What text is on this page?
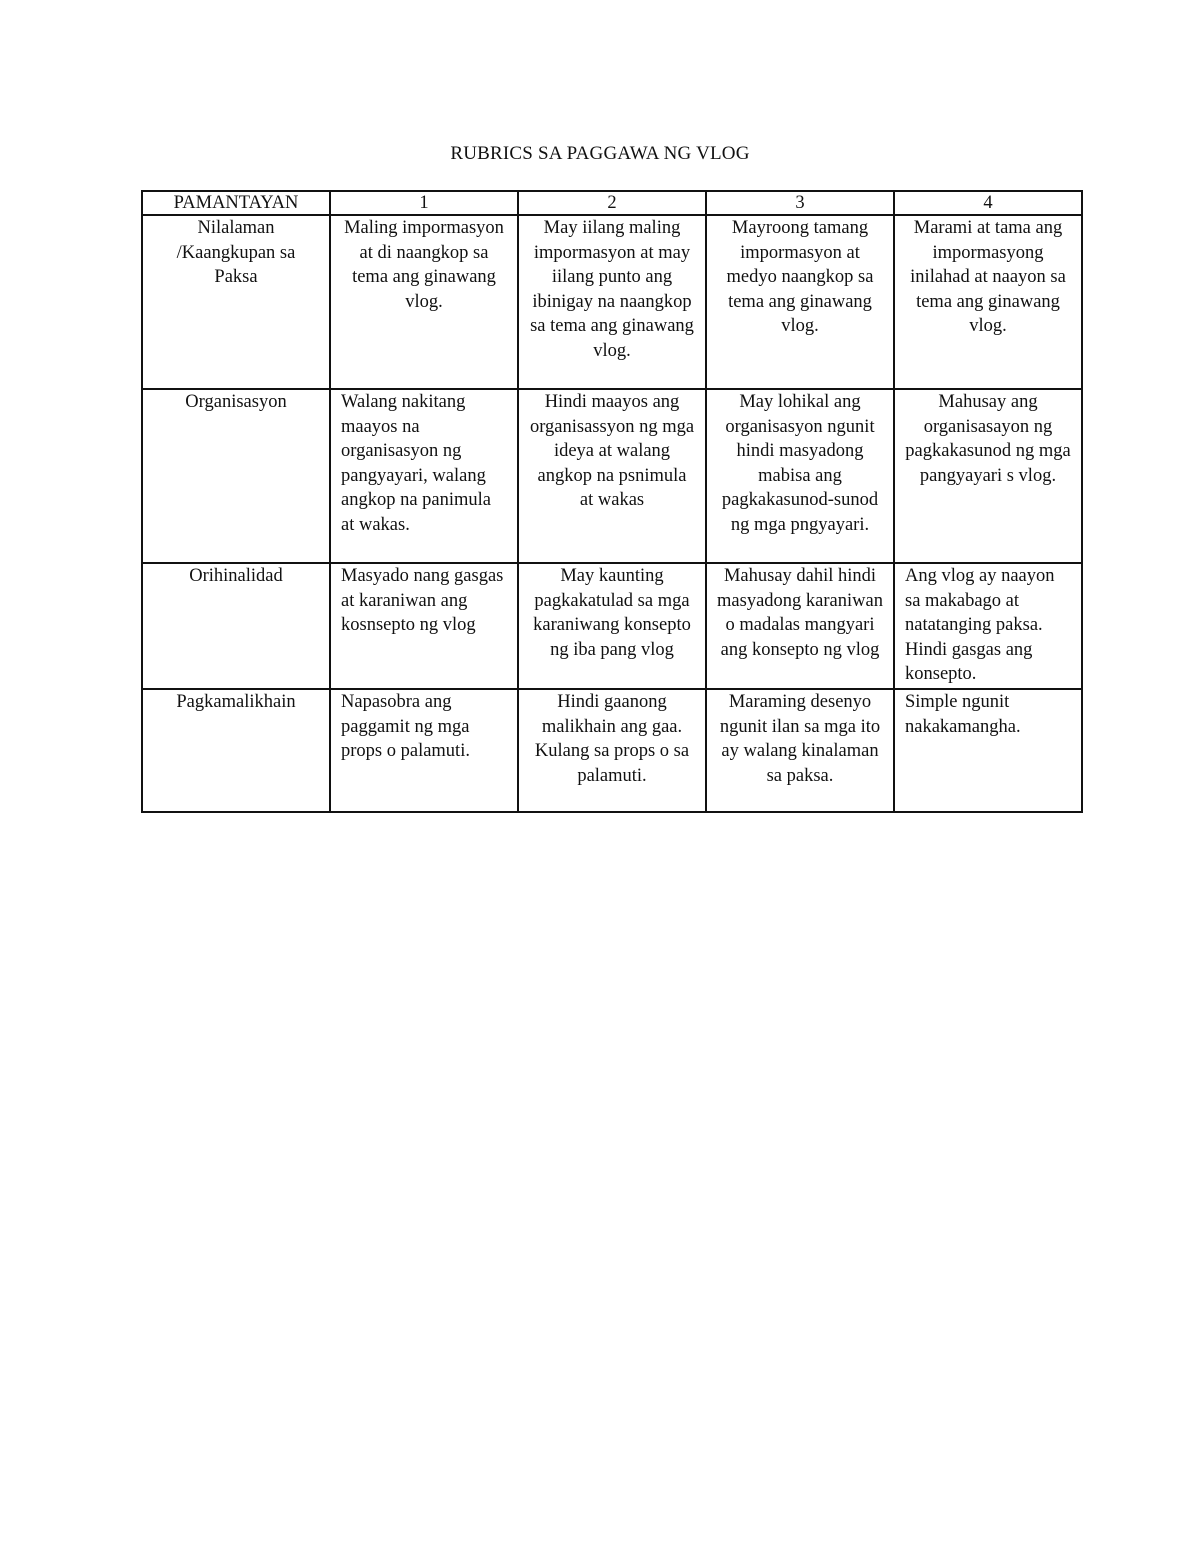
RUBRICS SA PAGGAWA NG VLOG
PAMANTAYAN	1	2	3	4
Nilalaman /Kaangkupan sa Paksa	Maling impormasyon at di naangkop sa tema ang ginawang vlog.	May iilang maling impormasyon at may iilang punto ang ibinigay na naangkop sa tema ang ginawang vlog.	Mayroong tamang impormasyon at medyo naangkop sa tema ang ginawang vlog.	Marami at tama ang impormasyong inilahad at naayon sa tema ang ginawang vlog.
Organisasyon	Walang nakitang maayos na organisasyon ng pangyayari, walang angkop na panimula at wakas.	Hindi maayos ang organisassyon ng mga ideya at walang angkop na psnimula at wakas	May lohikal ang organisasyon ngunit hindi masyadong mabisa ang pagkakasunod-sunod ng mga pngyayari.	Mahusay ang organisasayon ng pagkakasunod ng mga pangyayari s vlog.
Orihinalidad	Masyado nang gasgas at karaniwan ang kosnsepto ng vlog	May kaunting pagkakatulad sa mga karaniwang konsepto ng iba pang vlog	Mahusay dahil hindi masyadong karaniwan o madalas mangyari ang konsepto ng vlog	Ang vlog ay naayon sa makabago at natatanging paksa. Hindi gasgas ang konsepto.
Pagkamalikhain	Napasobra ang paggamit ng mga props o palamuti.	Hindi gaanong malikhain ang gaa. Kulang sa props o sa palamuti.	Maraming desenyo ngunit ilan sa mga ito ay walang kinalaman sa paksa.	Simple ngunit nakakamangha.
